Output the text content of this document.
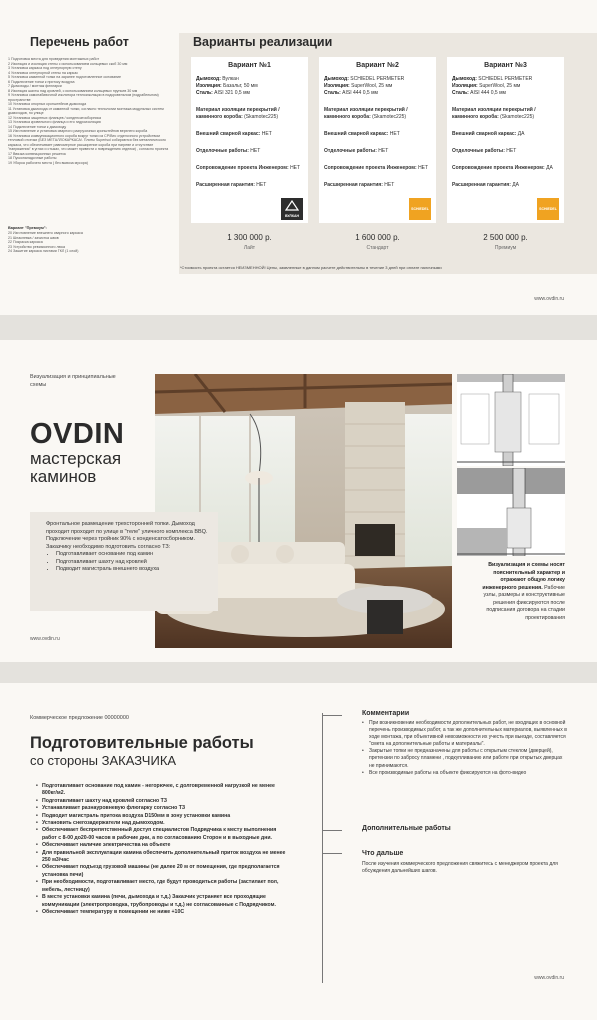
Перечень работ
1 Подготовка места для проведения монтажных работ
2 Изоляция и изоляция стены с использованием кольцевых скоб 30 мм
3 Установка каркаса под огнеупорную стену
4 Установка огнеупорной стены на каркас
5 Установка каминной топки на заранее подготовленное основание
6 Подключение топки к притоку воздуха
7 Дымоходы / монтаж флюгарки
8 Изоляция шахты над кровлей, с использованием кольцевых пруньев 30 мм
9 Установка самонабивочной изолятора теплоизоляции в подкровельном (подрабельном) пространстве
10 Установка опорных кронштейнов дымохода
11 Установка дымохода от каминной топки, согласно технологии монтажа модульных систем дымоходов, по улице
12 Установка защитных фланцев / конденсатосборника
13 Установка кровельного фланца и его гидроизоляция
14 Подключение топки к дымоходу
15 Изготовление и установка сварного разгрузочных кронштейнов верхнего короба
16 Установка коммуникационного короба вокруг топки из CP/Вес отделочного устройством тепловой отсечки (БЕЗ МЕТАЛЛОКАРКАСА!. Плиты Superisol собираются без металлического каркаса, что обеспечивает равномерное расширение короба при нагреве и отсутствие "напряжения" в углах и стыках, что может привести к повреждению отделки) , согласно проекта
17 Ввязка конвекционных решеток
18 Пусконаладочные работы
19 Уборка рабочего места ( без вывоза мусора)
Вариант "Премиум":
20 Изготовление внешнего сварного каркаса
21 Шпаклевка / зачистка швов
22 Покраска каркаса
23 Устройство ревизионного люка
24 Зашитие каркаса листами ГКЛ (1 слой)
Варианты реализации
Вариант №1
Дымоход: Вулкан
Изоляция: Базальт, 50 мм
Сталь: AISI 321 0,5 мм
Материал изоляции перекрытий / каминного короба: (Skamotec225)
Внешний сварной каркас: НЕТ
Отделочные работы: НЕТ
Сопровождение проекта Инженером: НЕТ
Расширенная гарантия: НЕТ
ВУЛКАН
Вариант №2
Дымоход: SCHIEDEL PERMETER
Изоляция: SuperWool, 25 мм
Сталь: AISI 444 0,5 мм
Материал изоляции перекрытий / каминного короба: (Skamotec225)
Внешний сварной каркас: НЕТ
Отделочные работы: НЕТ
Сопровождение проекта Инженером: НЕТ
Расширенная гарантия: НЕТ
SCHIEDEL
Вариант №3
Дымоход: SCHIEDEL PERMETER
Изоляция: SuperWool, 25 мм
Сталь: AISI 444 0,5 мм
Материал изоляции перекрытий / каминного короба: (Skamotec225)
Внешний сварной каркас: ДА
Отделочные работы: НЕТ
Сопровождение проекта Инженером: ДА
Расширенная гарантия: ДА
SCHIEDEL
1 300 000 р.
Лайт
1 600 000 р.
Стандарт
2 500 000 р.
Премиум
*Стоимость проекта остается НЕИЗМЕННОЙ! Цены, заявленные в данном расчете действительны в течение 3 дней при оплате наличными
www.ovdin.ru
Визуализация и принципиальные схемы
OVDIN
мастерская
каминов
Фронтальное размещение трехсторонней топки. Дымоход проходит проходит по улице в "теле" уличного комплекса BBQ. Подключение через тройник 90% с конденсатосборником.
Заказчику необходимо подготовить согласно ТЗ:
• Подготавливает основание под камин
• Подготавливает шахту над кровлей
• Подводит магистраль внешнего воздуха
Визуализация и схемы носят пояснительный характер и отражают общую логику инженерного решения. Рабочие узлы, размеры и конструктивные решения фиксируются после подписания договора на стадии проектирования
www.ovdin.ru
Коммерческое предложение 00000000
Подготовительные работы
со стороны ЗАКАЗЧИКА
• Подготавливает основание под камин - негорючее, с долговременной нагрузкой не менее 800кг/м2.
• Подготавливает шахту над кровлей согласно ТЗ
• Устанавливает разнауровневую флюгарку согласно ТЗ
• Подводит магистраль притока воздуха D150мм в зону установки камина
• Установить снегозадержатели над дымоходом.
• Обеспечивает беспрепятственный доступ специалистов Подрядчика к месту выполнения работ с 8-00 до20-00 часов в рабочие дни, а по согласованию Сторон и в выходные дни.
• Обеспечивает наличие электричества на объекте
• Для правильной эксплуатации камина обеспечить дополнительный приток воздуха не менее 250 м3/час
• Обеспечивает подъезд грузовой машины (не далее 20 м от помещения, где предполагается установка печи)
• При необходимости, подготавливает место, где будут проводиться работы (застилает пол, мебель, лестницу)
• В месте установки камина (печи, дымохода и т.д.) Заказчик устраняет все проходящие коммуникации (электропроводка, трубопроводы и т.д.) не согласованные с Подрядчиком.
• Обеспечивает температуру в помещении не ниже +10С
Комментарии
• При возникновении необходимости дополнительных работ, не входящих в основной перечень производимых работ, а так же дополнительных материалов, выявленных в ходе монтажа, при объективной невозможности их учесть при выезде, составляется "смета на дополнительные работы и материалы".
• Закрытые топки не предназначены для работы с открытым стеклом (дверцей), претензии по заброcу пламени , подкупливанию или работе при открытых дверцах не принимаются.
• Все производимые работы на объекте фиксируются на фото-видео
Дополнительные работы
Что дальше
После изучения коммерческого предложения свяжитесь с менеджером проекта для обсуждения дальнейших шагов.
www.ovdin.ru
